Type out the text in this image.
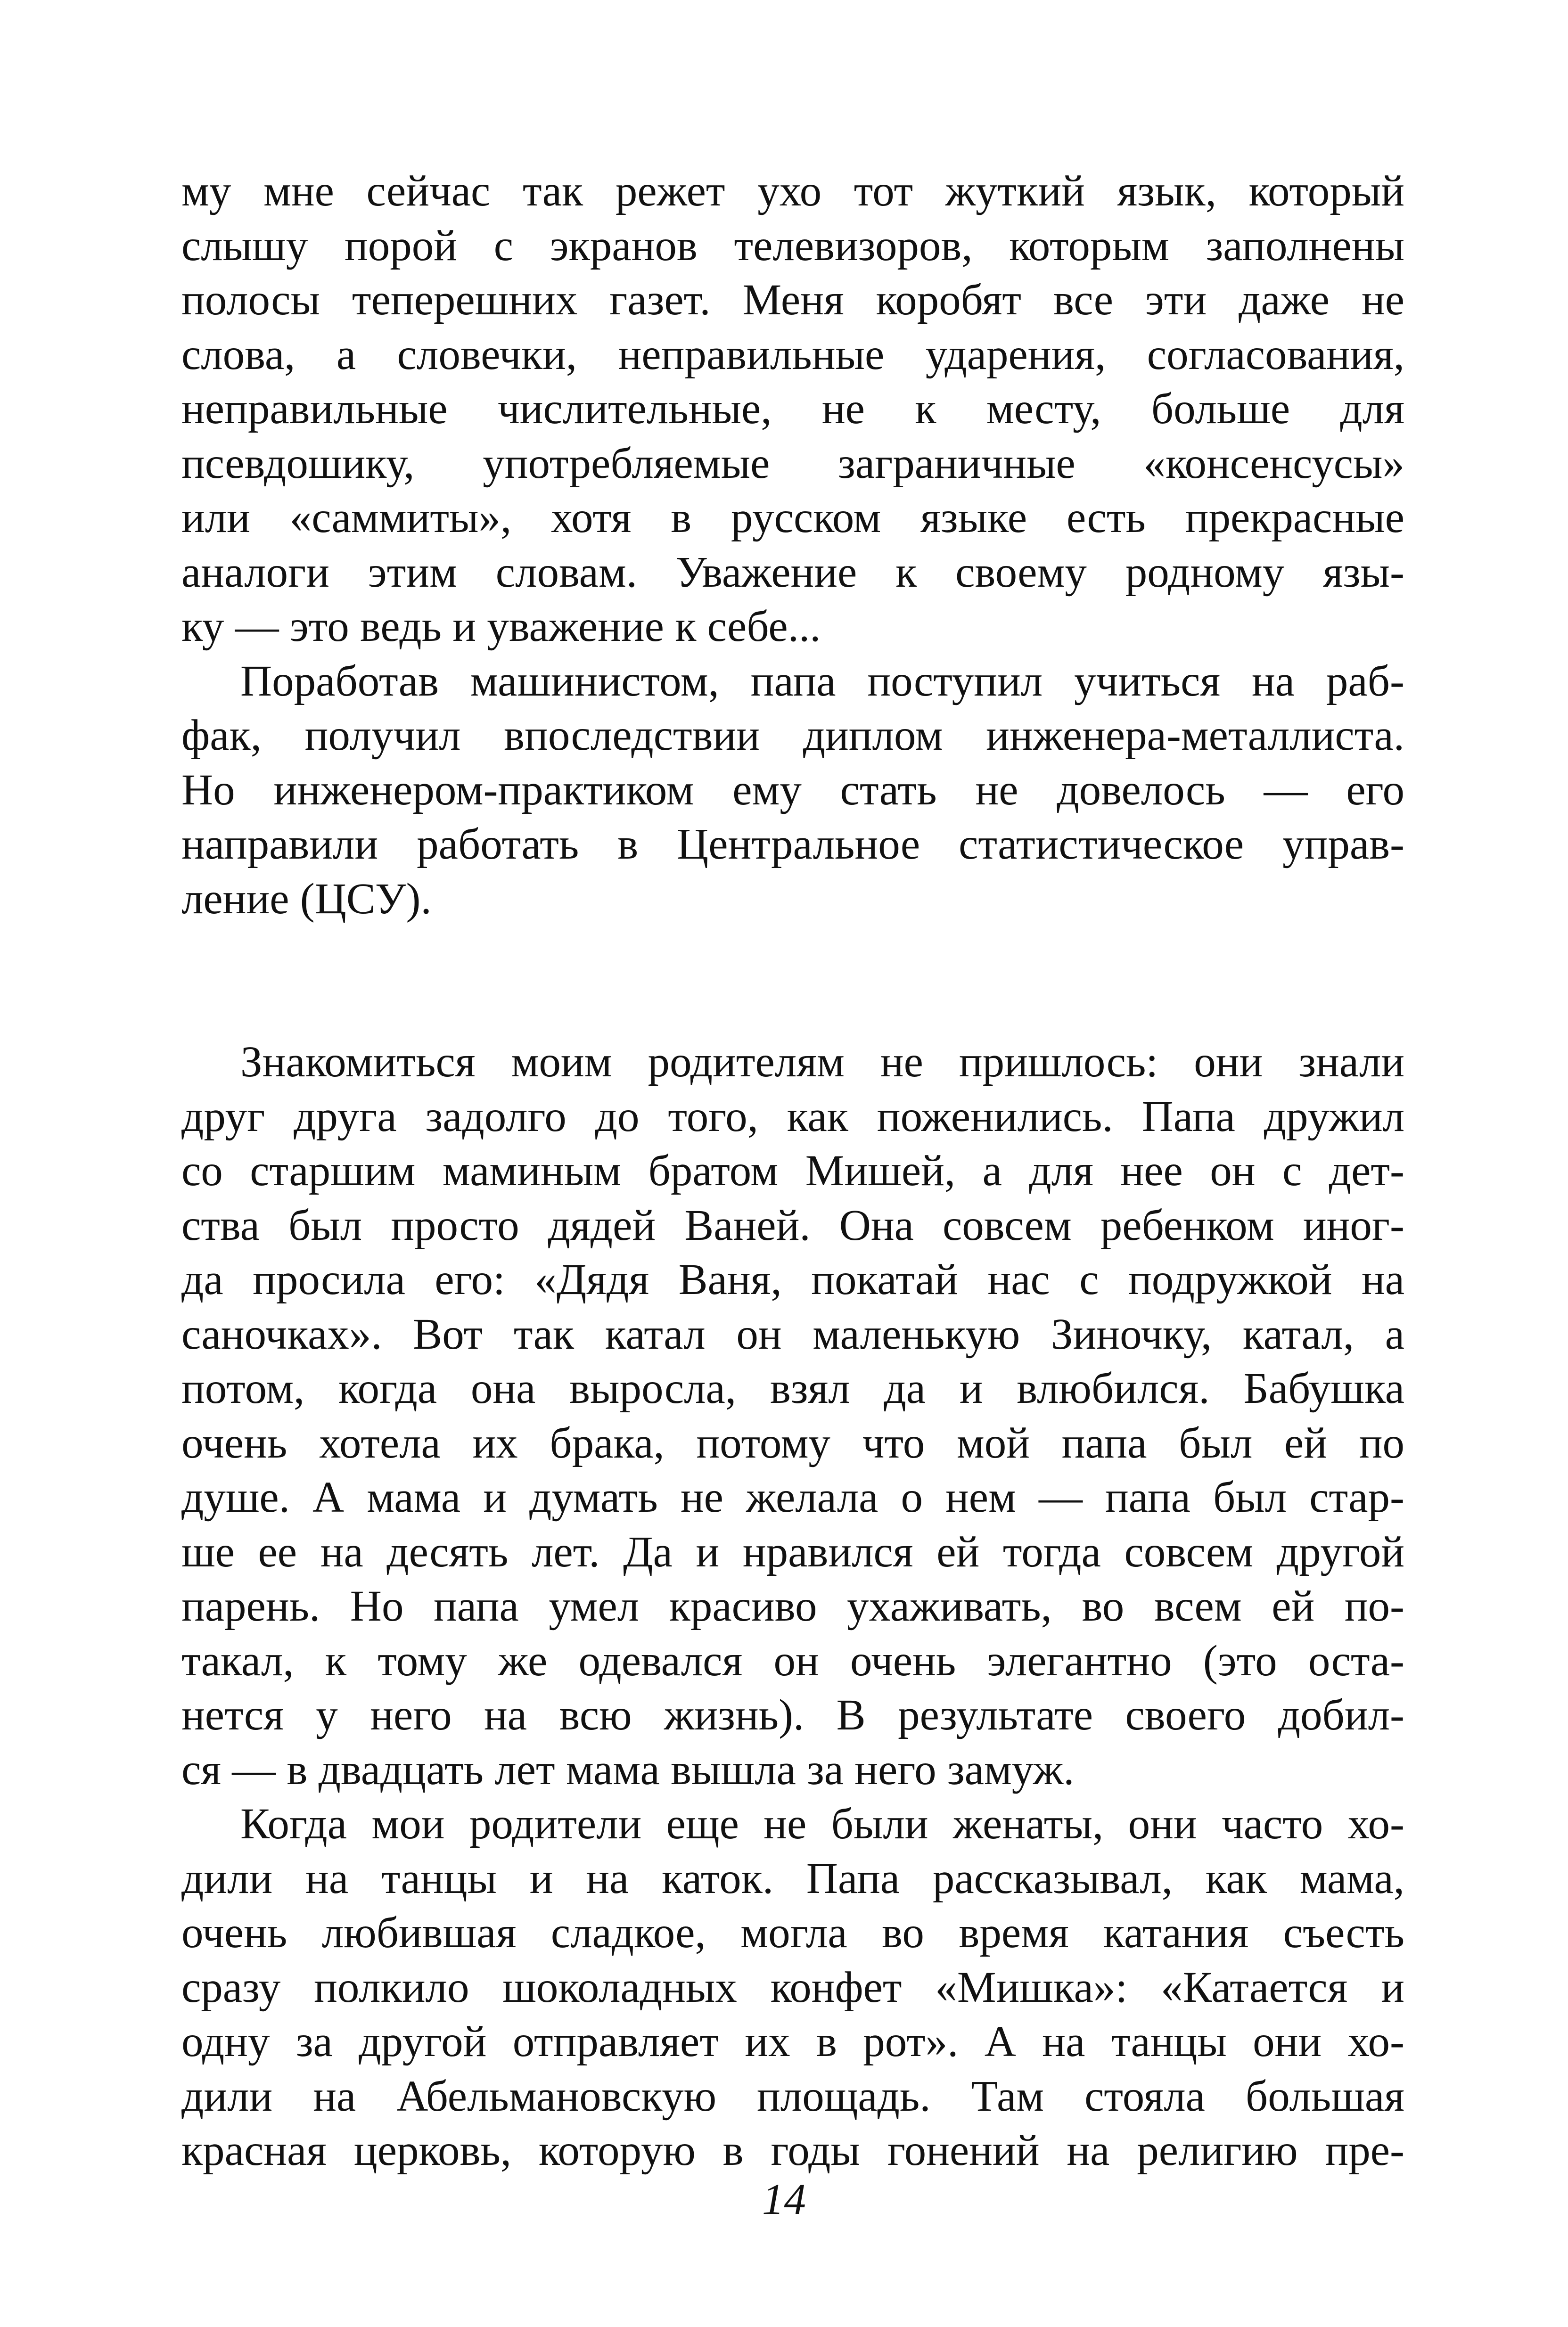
му мне сейчас так режет ухо тот жуткий язык, который
слышу порой с экранов телевизоров, которым заполнены
полосы теперешних газет. Меня коробят все эти даже не
слова, а словечки, неправильные ударения, согласования,
неправильные числительные, не к месту, больше для
псевдошику, употребляемые заграничные «консенсусы»
или «саммиты», хотя в русском языке есть прекрасные
аналоги этим словам. Уважение к своему родному язы-
ку — это ведь и уважение к себе...
Поработав машинистом, папа поступил учиться на раб-
фак, получил впоследствии диплом инженера-металлиста.
Но инженером-практиком ему стать не довелось — его
направили работать в Центральное статистическое управ-
ление (ЦСУ).
Знакомиться моим родителям не пришлось: они знали
друг друга задолго до того, как поженились. Папа дружил
со старшим маминым братом Мишей, а для нее он с дет-
ства был просто дядей Ваней. Она совсем ребенком иног-
да просила его: «Дядя Ваня, покатай нас с подружкой на
саночках». Вот так катал он маленькую Зиночку, катал, а
потом, когда она выросла, взял да и влюбился. Бабушка
очень хотела их брака, потому что мой папа был ей по
душе. А мама и думать не желала о нем — папа был стар-
ше ее на десять лет. Да и нравился ей тогда совсем другой
парень. Но папа умел красиво ухаживать, во всем ей по-
такал, к тому же одевался он очень элегантно (это оста-
нется у него на всю жизнь). В результате своего добил-
ся — в двадцать лет мама вышла за него замуж.
Когда мои родители еще не были женаты, они часто хо-
дили на танцы и на каток. Папа рассказывал, как мама,
очень любившая сладкое, могла во время катания съесть
сразу полкило шоколадных конфет «Мишка»: «Катается и
одну за другой отправляет их в рот». А на танцы они хо-
дили на Абельмановскую площадь. Там стояла большая
красная церковь, которую в годы гонений на религию пре-
14
